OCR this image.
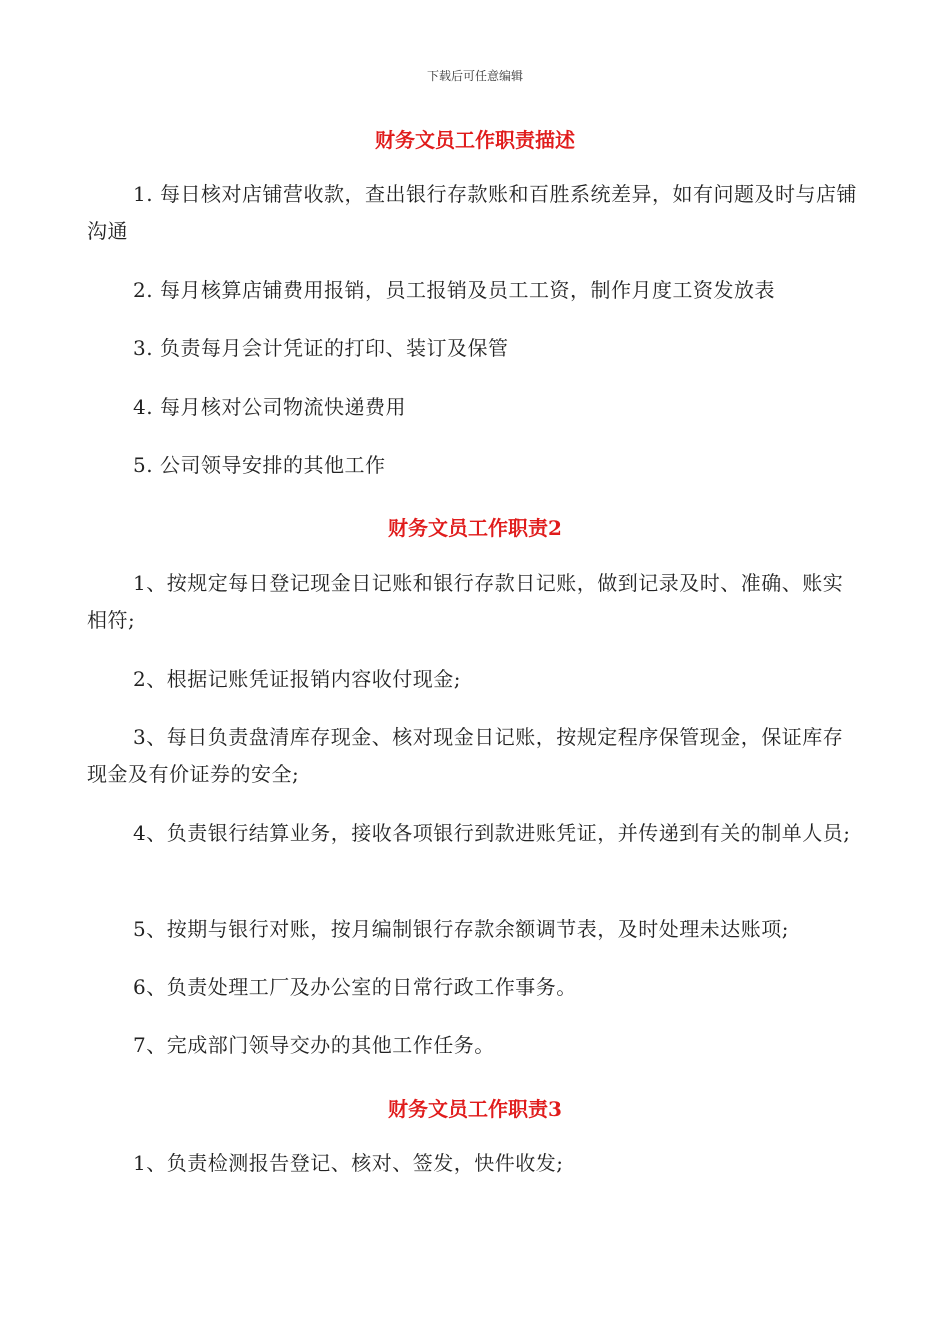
下载后可任意编辑
财务文员工作职责描述
1. 每日核对店铺营收款，查出银行存款账和百胜系统差异，如有问题及时与店铺沟通
2. 每月核算店铺费用报销，员工报销及员工工资，制作月度工资发放表
3. 负责每月会计凭证的打印、装订及保管
4. 每月核对公司物流快递费用
5. 公司领导安排的其他工作
财务文员工作职责2
1、按规定每日登记现金日记账和银行存款日记账，做到记录及时、准确、账实相符;
2、根据记账凭证报销内容收付现金;
3、每日负责盘清库存现金、核对现金日记账，按规定程序保管现金，保证库存现金及有价证券的安全;
4、负责银行结算业务，接收各项银行到款进账凭证，并传递到有关的制单人员;
5、按期与银行对账，按月编制银行存款余额调节表，及时处理未达账项;
6、负责处理工厂及办公室的日常行政工作事务。
7、完成部门领导交办的其他工作任务。
财务文员工作职责3
1、负责检测报告登记、核对、签发，快件收发;
